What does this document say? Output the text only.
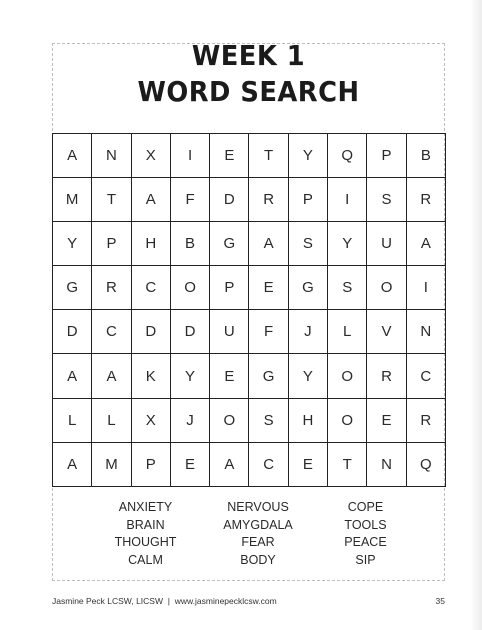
WEEK 1
WORD SEARCH
A	N	X	I	E	T	Y	Q	P	B
M	T	A	F	D	R	P	I	S	R
Y	P	H	B	G	A	S	Y	U	A
G	R	C	O	P	E	G	S	O	I
D	C	D	D	U	F	J	L	V	N
A	A	K	Y	E	G	Y	O	R	C
L	L	X	J	O	S	H	O	E	R
A	M	P	E	A	C	E	T	N	Q
ANXIETY
BRAIN
THOUGHT
CALM
NERVOUS
AMYGDALA
FEAR
BODY
COPE
TOOLS
PEACE
SIP
Jasmine Peck LCSW, LICSW | www.jasminepecklcsw.com	35
